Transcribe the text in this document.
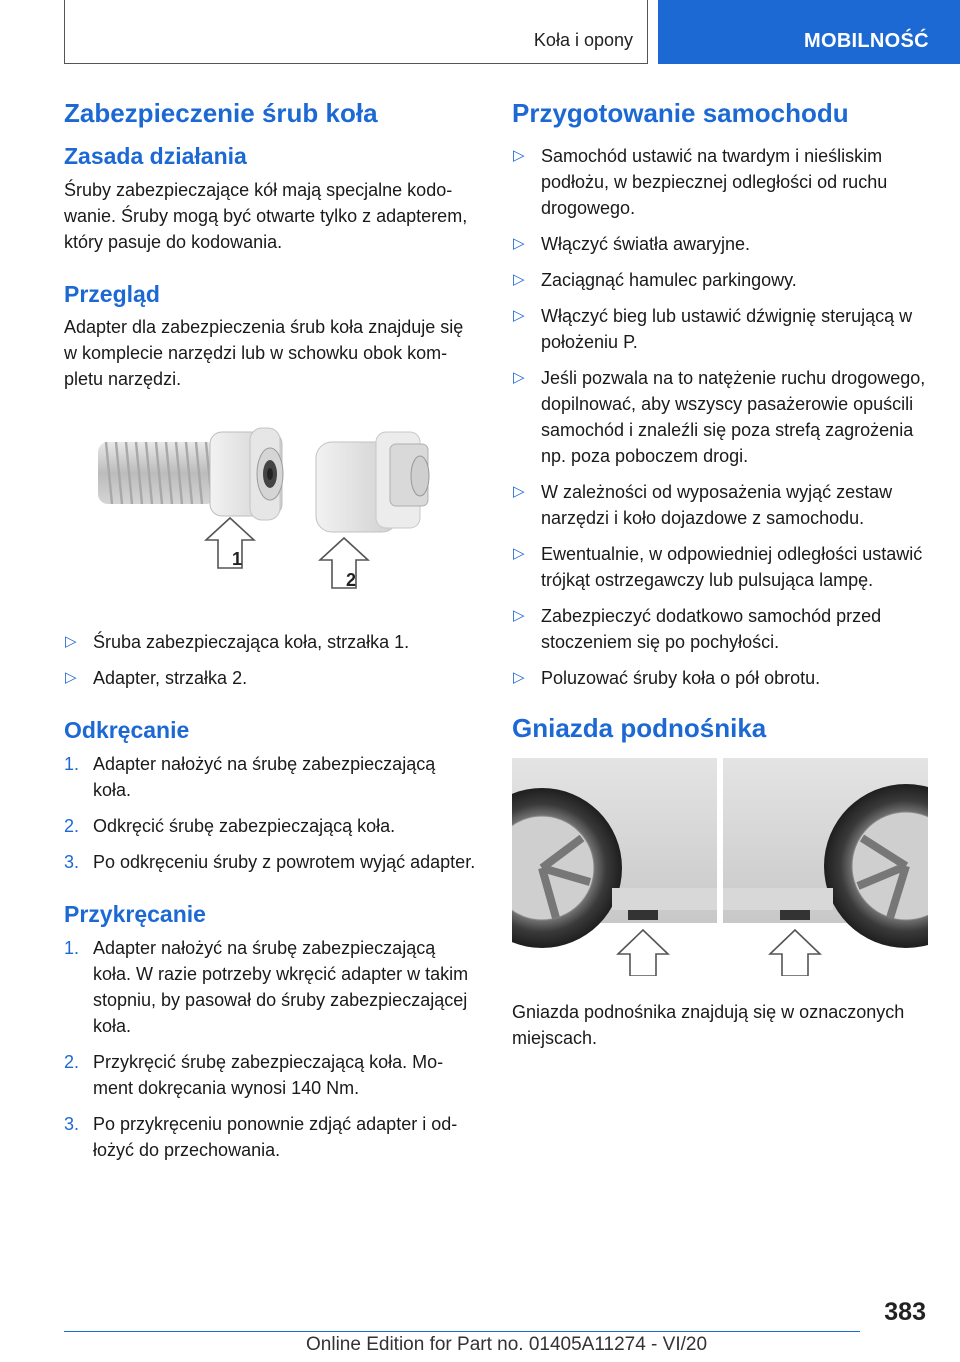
Koła i opony	MOBILNOŚĆ
Zabezpieczenie śrub koła
Zasada działania

Śruby zabezpieczające kół mają specjalne kodowanie. Śruby mogą być otwarte tylko z adapterem, który pasuje do kodowania.

Przegląd

Adapter dla zabezpieczenia śrub koła znajduje się w komplecie narzędzi lub w schowku obok kompletu narzędzi.

1
2
▷ Śruba zabezpieczająca koła, strzałka 1.
▷ Adapter, strzałka 2.
Odkręcanie
1. Adapter nałożyć na śrubę zabezpieczającą koła.
2. Odkręcić śrubę zabezpieczającą koła.
3. Po odkręceniu śruby z powrotem wyjąć adapter.
Przykręcanie
1. Adapter nałożyć na śrubę zabezpieczającą koła. W razie potrzeby wkręcić adapter w takim stopniu, by pasował do śruby zabezpieczającej koła.
2. Przykręcić śrubę zabezpieczającą koła. Moment dokręcania wynosi 140 Nm.
3. Po przykręceniu ponownie zdjąć adapter i odłożyć do przechowania.
Przygotowanie samochodu
▷ Samochód ustawić na twardym i nieśliskim podłożu, w bezpiecznej odległości od ruchu drogowego.
▷ Włączyć światła awaryjne.
▷ Zaciągnąć hamulec parkingowy.
▷ Włączyć bieg lub ustawić dźwignię sterującą w położeniu P.
▷ Jeśli pozwala na to natężenie ruchu drogowego, dopilnować, aby wszyscy pasażerowie opuścili samochód i znaleźli się poza strefą zagrożenia np. poza poboczem drogi.
▷ W zależności od wyposażenia wyjąć zestaw narzędzi i koło dojazdowe z samochodu.
▷ Ewentualnie, w odpowiedniej odległości ustawić trójkąt ostrzegawczy lub pulsująca lampę.
▷ Zabezpieczyć dodatkowo samochód przed stoczeniem się po pochyłości.
▷ Poluzować śruby koła o pół obrotu.
Gniazda podnośnika

Gniazda podnośnika znajdują się w oznaczonych miejscach.

383
Online Edition for Part no. 01405A11274 - VI/20
